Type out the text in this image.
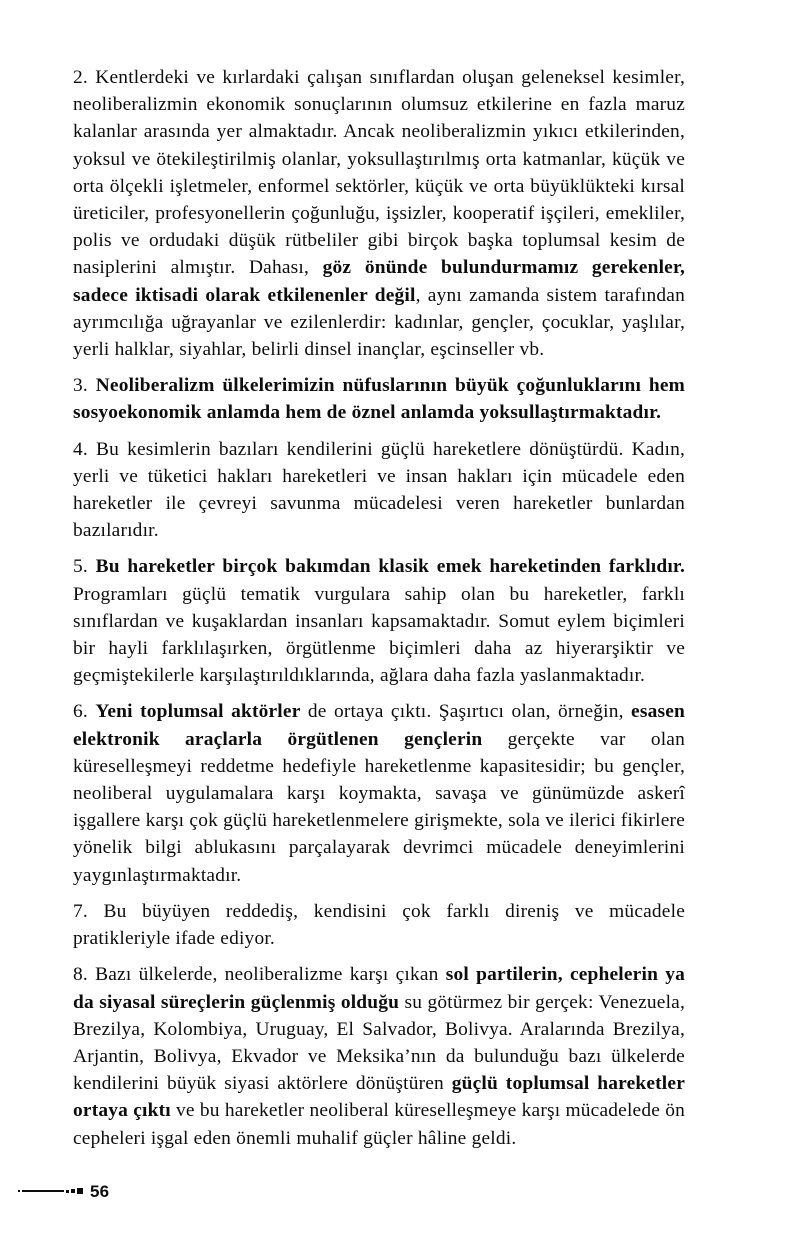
2. Kentlerdeki ve kırlardaki çalışan sınıflardan oluşan geleneksel kesimler, neoliberalizmin ekonomik sonuçlarının olumsuz etkilerine en fazla maruz kalanlar arasında yer almaktadır. Ancak neoliberalizmin yıkıcı etkilerinden, yoksul ve ötekileştirilmiş olanlar, yoksullaştırılmış orta katmanlar, küçük ve orta ölçekli işletmeler, enformel sektörler, küçük ve orta büyüklükteki kırsal üreticiler, profesyonellerin çoğunluğu, işsizler, kooperatif işçileri, emekliler, polis ve ordudaki düşük rütbeliler gibi birçok başka toplumsal kesim de nasiplerini almıştır. Dahası, göz önünde bulundurmamız gerekenler, sadece iktisadi olarak etkilenenler değil, aynı zamanda sistem tarafından ayrımcılığa uğrayanlar ve ezilenlerdir: kadınlar, gençler, çocuklar, yaşlılar, yerli halklar, siyahlar, belirli dinsel inançlar, eşcinseller vb.

3. Neoliberalizm ülkelerimizin nüfuslarının büyük çoğunluklarını hem sosyoekonomik anlamda hem de öznel anlamda yoksullaştırmaktadır.

4. Bu kesimlerin bazıları kendilerini güçlü hareketlere dönüştürdü. Kadın, yerli ve tüketici hakları hareketleri ve insan hakları için mücadele eden hareketler ile çevreyi savunma mücadelesi veren hareketler bunlardan bazılarıdır.

5. Bu hareketler birçok bakımdan klasik emek hareketinden farklıdır. Programları güçlü tematik vurgulara sahip olan bu hareketler, farklı sınıflardan ve kuşaklardan insanları kapsamaktadır. Somut eylem biçimleri bir hayli farklılaşırken, örgütlenme biçimleri daha az hiyerarşiktir ve geçmiştekilerle karşılaştırıldıklarında, ağlara daha fazla yaslanmaktadır.

6. Yeni toplumsal aktörler de ortaya çıktı. Şaşırtıcı olan, örneğin, esasen elektronik araçlarla örgütlenen gençlerin gerçekte var olan küreselleşmeyi reddetme hedefiyle hareketlenme kapasitesidir; bu gençler, neoliberal uygulamalara karşı koymakta, savaşa ve günümüzde askerî işgallere karşı çok güçlü hareketlenmelere girişmekte, sola ve ilerici fikirlere yönelik bilgi ablukasını parçalayarak devrimci mücadele deneyimlerini yaygınlaştırmaktadır.

7. Bu büyüyen reddediş, kendisini çok farklı direniş ve mücadele pratikleriyle ifade ediyor.

8. Bazı ülkelerde, neoliberalizme karşı çıkan sol partilerin, cephelerin ya da siyasal süreçlerin güçlenmiş olduğu su götürmez bir gerçek: Venezuela, Brezilya, Kolombiya, Uruguay, El Salvador, Bolivya. Aralarında Brezilya, Arjantin, Bolivya, Ekvador ve Meksika’nın da bulunduğu bazı ülkelerde kendilerini büyük siyasi aktörlere dönüştüren güçlü toplumsal hareketler ortaya çıktı ve bu hareketler neoliberal küreselleşmeye karşı mücadelede ön cepheleri işgal eden önemli muhalif güçler hâline geldi.

56
